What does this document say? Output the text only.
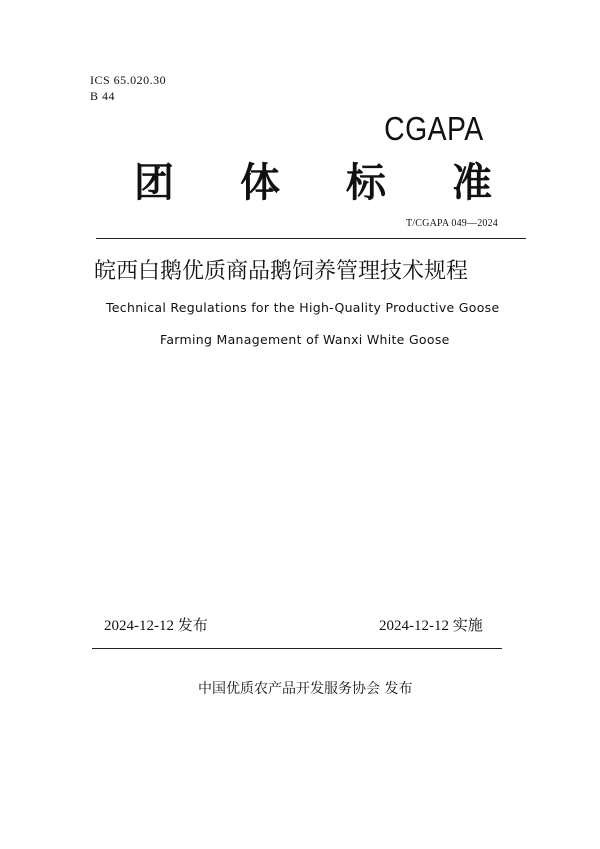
ICS 65.020.30
B 44
CGAPA
团 体 标 准
T/CGAPA 049—2024
皖西白鹅优质商品鹅饲养管理技术规程
Technical Regulations for the High-Quality Productive Goose
Farming Management of Wanxi White Goose
2024-12-12 发布	2024-12-12 实施
中国优质农产品开发服务协会 发布
